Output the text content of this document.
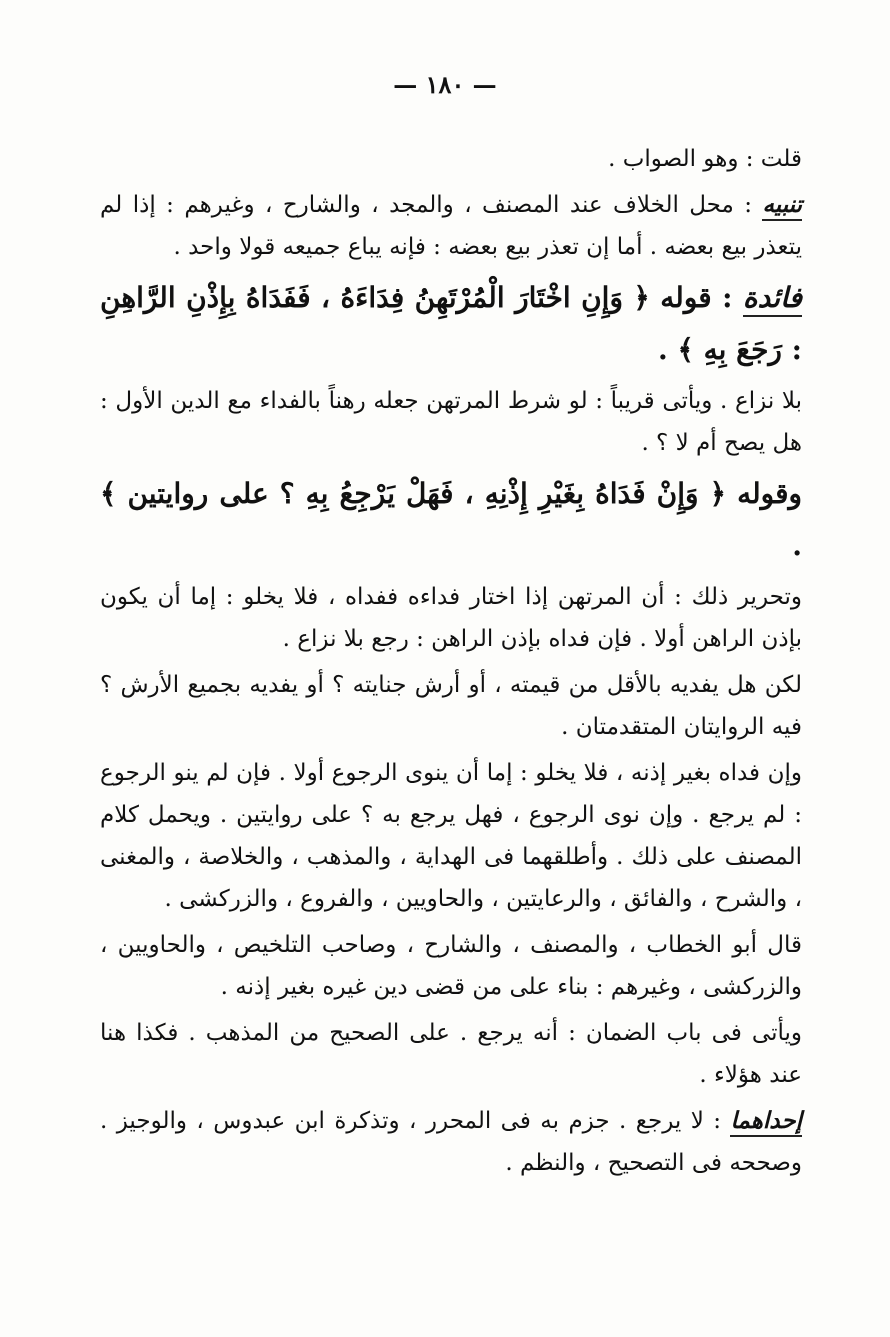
— ١٨٠ —

قلت : وهو الصواب .

تنبيه : محل الخلاف عند المصنف ، والمجد ، والشارح ، وغيرهم : إذا لم يتعذر بيع بعضه . أما إن تعذر بيع بعضه : فإنه يباع جميعه قولا واحد .

فائدة : قوله ﴿ وَإِنِ اخْتَارَ الْمُرْتَهِنُ فِدَاءَهُ ، فَفَدَاهُ بِإِذْنِ الرَّاهِنِ : رَجَعَ بِهِ ﴾ .

بلا نزاع . ويأتى قريباً : لو شرط المرتهن جعله رهناً بالفداء مع الدين الأول : هل يصح أم لا ؟ .

وقوله ﴿ وَإِنْ فَدَاهُ بِغَيْرِ إِذْنِهِ ، فَهَلْ يَرْجِعُ بِهِ ؟ على روايتين ﴾ .

وتحرير ذلك : أن المرتهن إذا اختار فداءه ففداه ، فلا يخلو : إما أن يكون بإذن الراهن أولا . فإن فداه بإذن الراهن : رجع بلا نزاع .

لكن هل يفديه بالأقل من قيمته ، أو أرش جنايته ؟ أو يفديه بجميع الأرش ؟ فيه الروايتان المتقدمتان .

وإن فداه بغير إذنه ، فلا يخلو : إما أن ينوى الرجوع أولا . فإن لم ينو الرجوع : لم يرجع . وإن نوى الرجوع ، فهل يرجع به ؟ على روايتين . ويحمل كلام المصنف على ذلك . وأطلقهما فى الهداية ، والمذهب ، والخلاصة ، والمغنى ، والشرح ، والفائق ، والرعايتين ، والحاويين ، والفروع ، والزركشى .

قال أبو الخطاب ، والمصنف ، والشارح ، وصاحب التلخيص ، والحاويين ، والزركشى ، وغيرهم : بناء على من قضى دين غيره بغير إذنه .

ويأتى فى باب الضمان : أنه يرجع . على الصحيح من المذهب . فكذا هنا عند هؤلاء .

إحداهما : لا يرجع . جزم به فى المحرر ، وتذكرة ابن عبدوس ، والوجيز . وصححه فى التصحيح ، والنظم .
